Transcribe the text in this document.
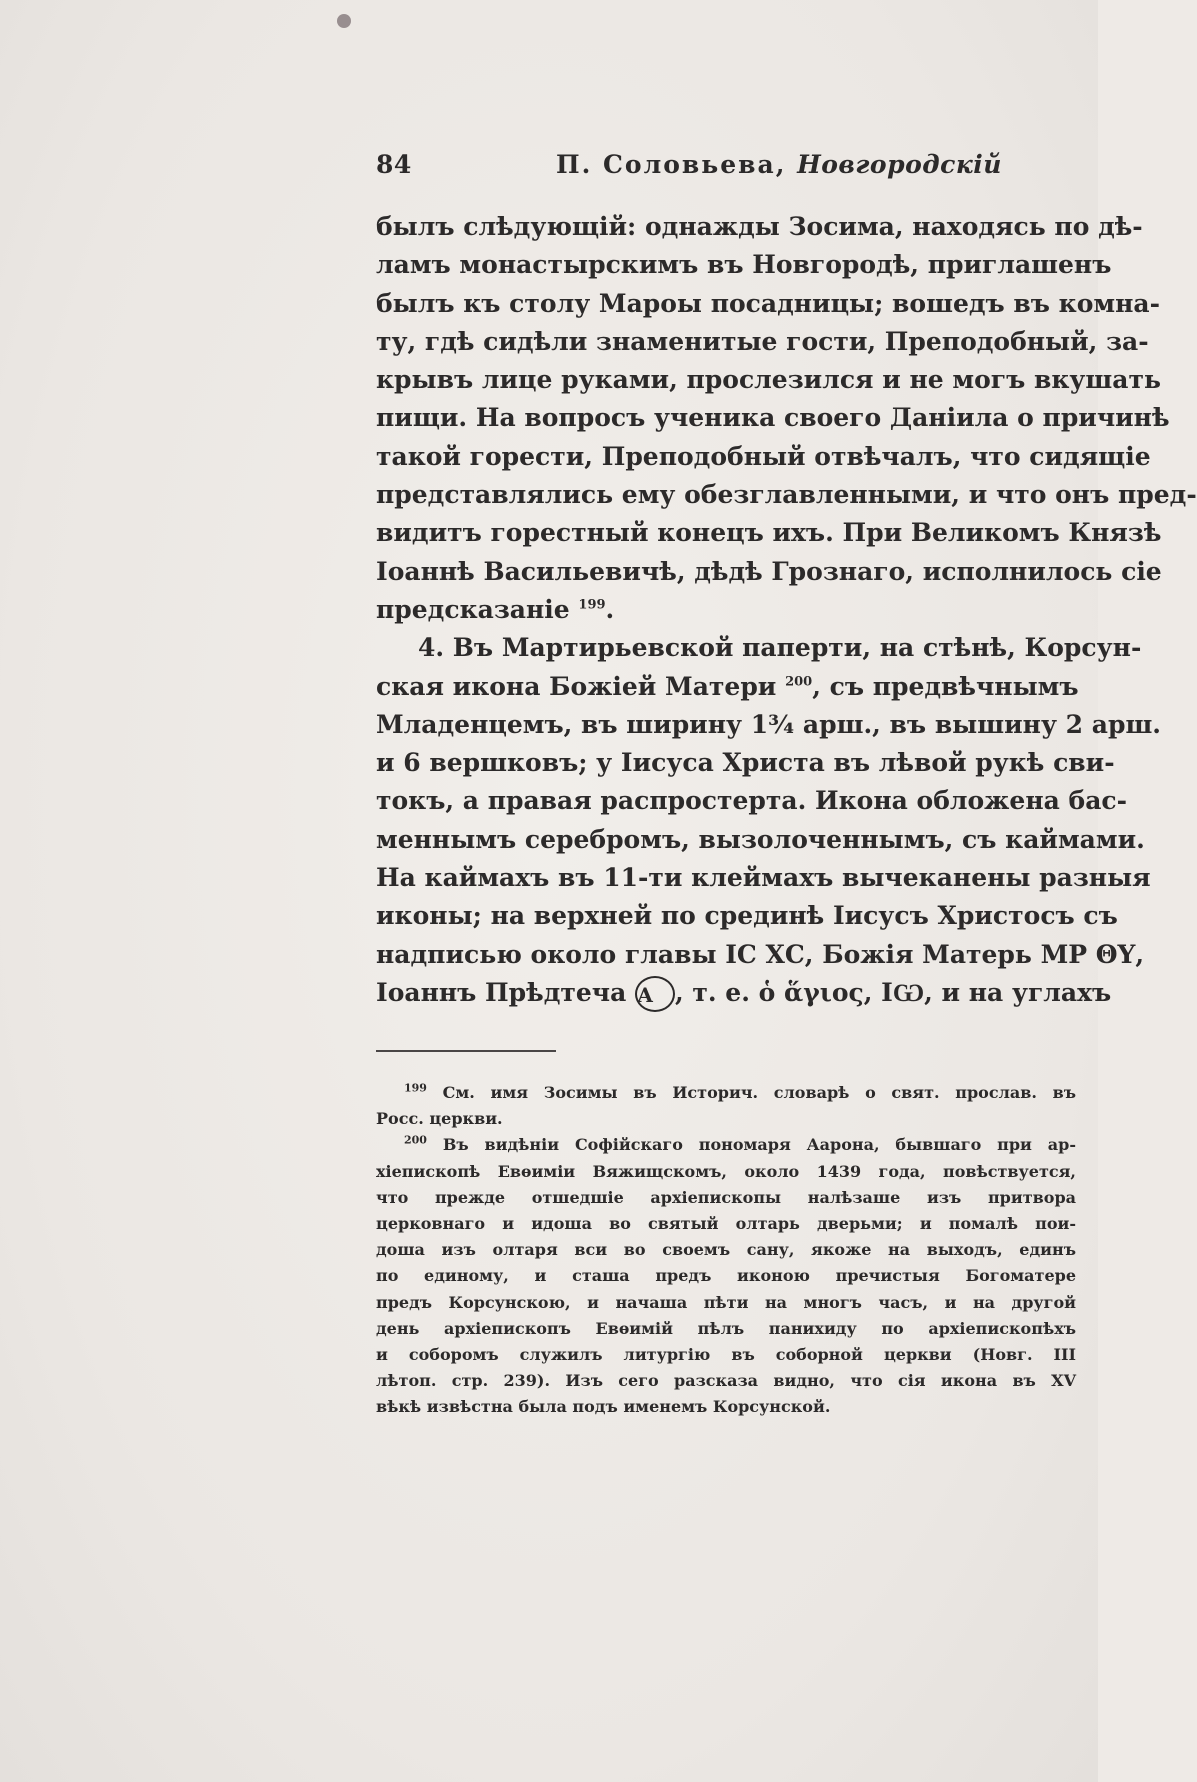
84	П. Соловьева, Новгородскій
былъ слѣдующій: однажды Зосима, находясь по дѣ-
ламъ монастырскимъ въ Новгородѣ, приглашенъ
былъ къ столу Мароы посадницы; вошедъ въ комна-
ту, гдѣ сидѣли знаменитые гости, Преподобный, за-
крывъ лице руками, прослезился и не могъ вкушать
пищи. На вопросъ ученика своего Даніила о причинѣ
такой горести, Преподобный отвѣчалъ, что сидящіе
представлялись ему обезглавленными, и что онъ пред-
видитъ горестный конецъ ихъ. При Великомъ Князѣ
Іоаннѣ Васильевичѣ, дѣдѣ Грознаго, исполнилось сіе
предсказаніе $^{199}$.
4. Въ Мартирьевской паперти, на стѣнѣ, Корсун-
ская икона Божіей Матери $^{200}$, съ предвѣчнымъ
Младенцемъ, въ ширину 1¾ арш., въ вышину 2 арш.
и 6 вершковъ; у Іисуса Христа въ лѣвой рукѣ сви-
токъ, а правая распростерта. Икона обложена бас-
меннымъ серебромъ, вызолоченнымъ, съ каймами.
На каймахъ въ 11-ти клеймахъ вычеканены разныя
иконы; на верхней по срединѣ Іисусъ Христосъ съ
надписью около главы ІС ХС, Божія Матерь МР ΘΥ,
Іоаннъ Прѣдтеча А , т. е. ὁ ἅγιος, ІѠ, и на углахъ
$^{199}$ См. имя Зосимы въ Историч. словарѣ о свят. прослав. въ
Росс. церкви.
$^{200}$ Въ видѣніи Софійскаго пономаря Аарона, бывшаго при ар-
хіепископѣ Евѳиміи Вяжищскомъ, около 1439 года, повѣствуется,
что прежде отшедшіе архіепископы налѣзаше изъ притвора
церковнаго и идоша во святый олтарь дверьми; и помалѣ пои-
доша изъ олтаря вси во своемъ сану, якоже на выходъ, единъ
по единому, и сташа предъ иконою пречистыя Богоматере
предъ Корсунскою, и начаша пѣти на многъ часъ, и на другой
день архіепископъ Евѳимій пѣлъ панихиду по архіепископѣхъ
и соборомъ служилъ литургію въ соборной церкви (Новг. III
лѣтоп. стр. 239). Изъ сего разсказа видно, что сія икона въ XV
вѣкѣ извѣстна была подъ именемъ Корсунской.
